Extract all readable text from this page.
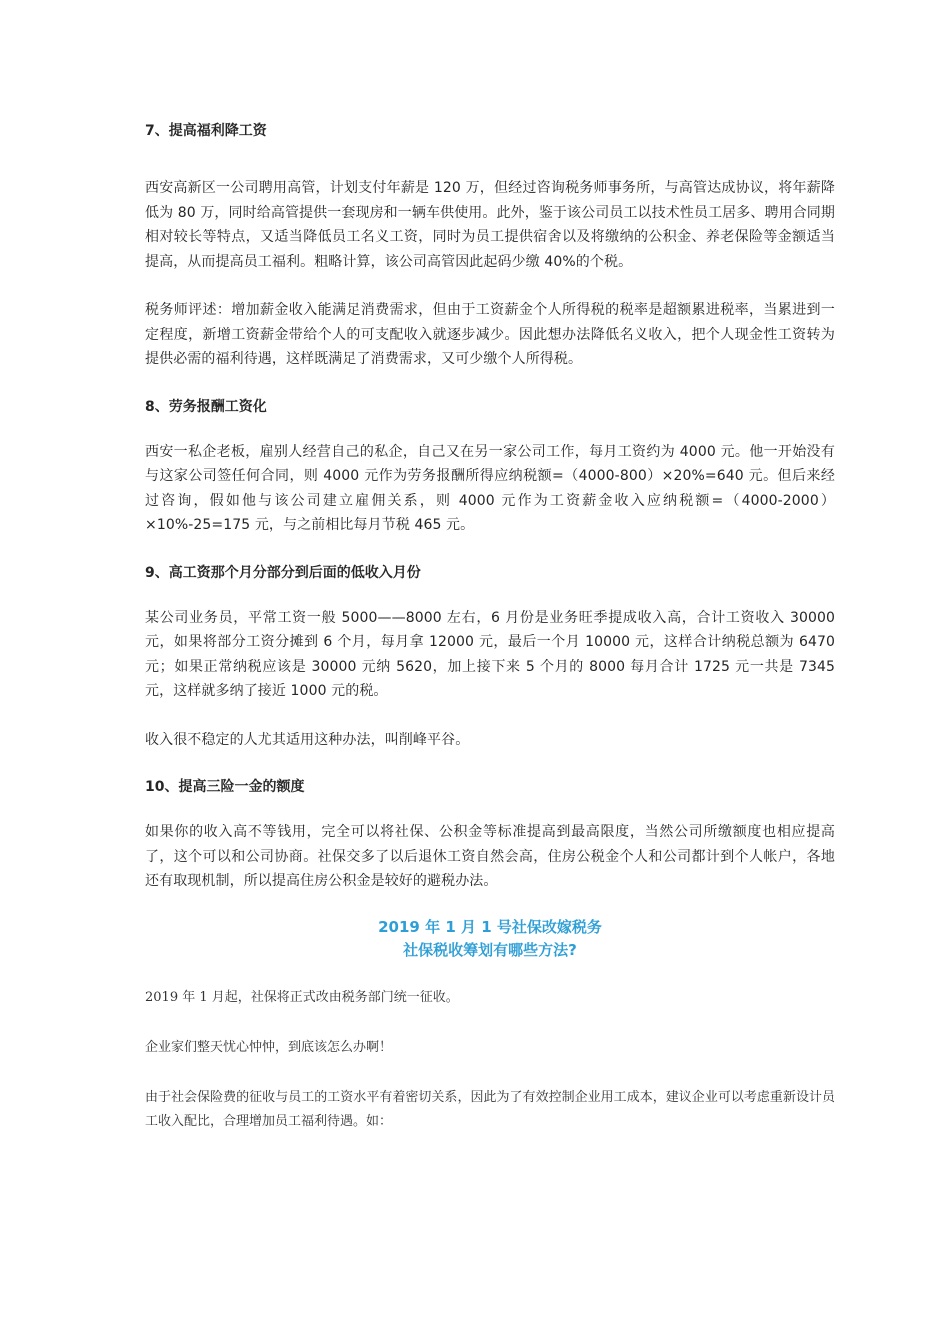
7、提高福利降工资

西安高新区一公司聘用高管，计划支付年薪是 120 万，但经过咨询税务师事务所，与高管达成协议，将年薪降低为 80 万，同时给高管提供一套现房和一辆车供使用。此外，鉴于该公司员工以技术性员工居多、聘用合同期相对较长等特点，又适当降低员工名义工资，同时为员工提供宿舍以及将缴纳的公积金、养老保险等金额适当提高，从而提高员工福利。粗略计算，该公司高管因此起码少缴 40%的个税。

税务师评述：增加薪金收入能满足消费需求，但由于工资薪金个人所得税的税率是超额累进税率，当累进到一定程度，新增工资薪金带给个人的可支配收入就逐步减少。因此想办法降低名义收入，把个人现金性工资转为提供必需的福利待遇，这样既满足了消费需求，又可少缴个人所得税。

8、劳务报酬工资化

西安一私企老板，雇别人经营自己的私企，自己又在另一家公司工作，每月工资约为 4000 元。他一开始没有与这家公司签任何合同，则 4000 元作为劳务报酬所得应纳税额=（4000-800）×20%=640 元。但后来经过咨询，假如他与该公司建立雇佣关系，则 4000 元作为工资薪金收入应纳税额=（4000-2000）×10%-25=175 元，与之前相比每月节税 465 元。

9、高工资那个月分部分到后面的低收入月份

某公司业务员，平常工资一般 5000——8000 左右，6 月份是业务旺季提成收入高，合计工资收入 30000 元，如果将部分工资分摊到 6 个月，每月拿 12000 元，最后一个月 10000 元，这样合计纳税总额为 6470 元；如果正常纳税应该是 30000 元纳 5620，加上接下来 5 个月的 8000 每月合计 1725 元一共是 7345 元，这样就多纳了接近 1000 元的税。

收入很不稳定的人尤其适用这种办法，叫削峰平谷。

10、提高三险一金的额度

如果你的收入高不等钱用，完全可以将社保、公积金等标准提高到最高限度，当然公司所缴额度也相应提高了，这个可以和公司协商。社保交多了以后退休工资自然会高，住房公税金个人和公司都计到个人帐户，各地还有取现机制，所以提高住房公积金是较好的避税办法。

2019 年 1 月 1 号社保改嫁税务

社保税收筹划有哪些方法?

2019 年 1 月起，社保将正式改由税务部门统一征收。

企业家们整天忧心忡忡，到底该怎么办啊！

由于社会保险费的征收与员工的工资水平有着密切关系，因此为了有效控制企业用工成本，建议企业可以考虑重新设计员工收入配比，合理增加员工福利待遇。如：
